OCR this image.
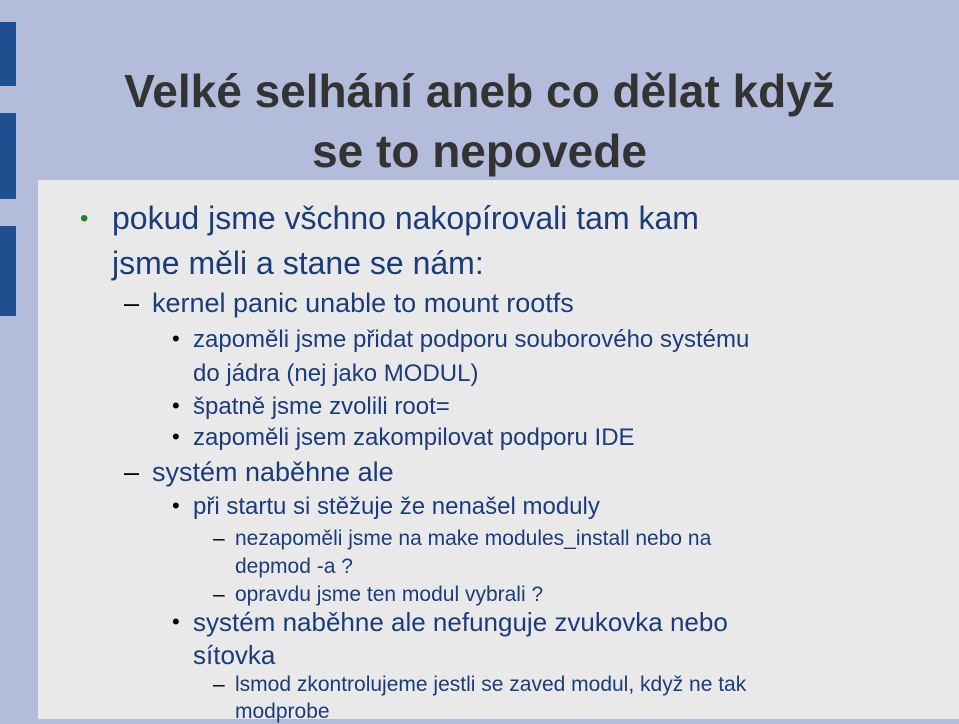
Velké selhání aneb co dělat když
se to nepovede
• pokud jsme všchno nakopírovali tam kam
jsme měli a stane se nám:
– kernel panic unable to mount rootfs
• zapoměli jsme přidat podporu souborového systému
do jádra (nej jako MODUL)
• špatně jsme zvolili root=
• zapoměli jsem zakompilovat podporu IDE
– systém naběhne ale
• při startu si stěžuje že nenašel moduly
– nezapoměli jsme na make modules_install nebo na
depmod -a ?
– opravdu jsme ten modul vybrali ?
• systém naběhne ale nefunguje zvukovka nebo
sítovka
– lsmod zkontrolujeme jestli se zaved modul, když ne tak
modprobe
